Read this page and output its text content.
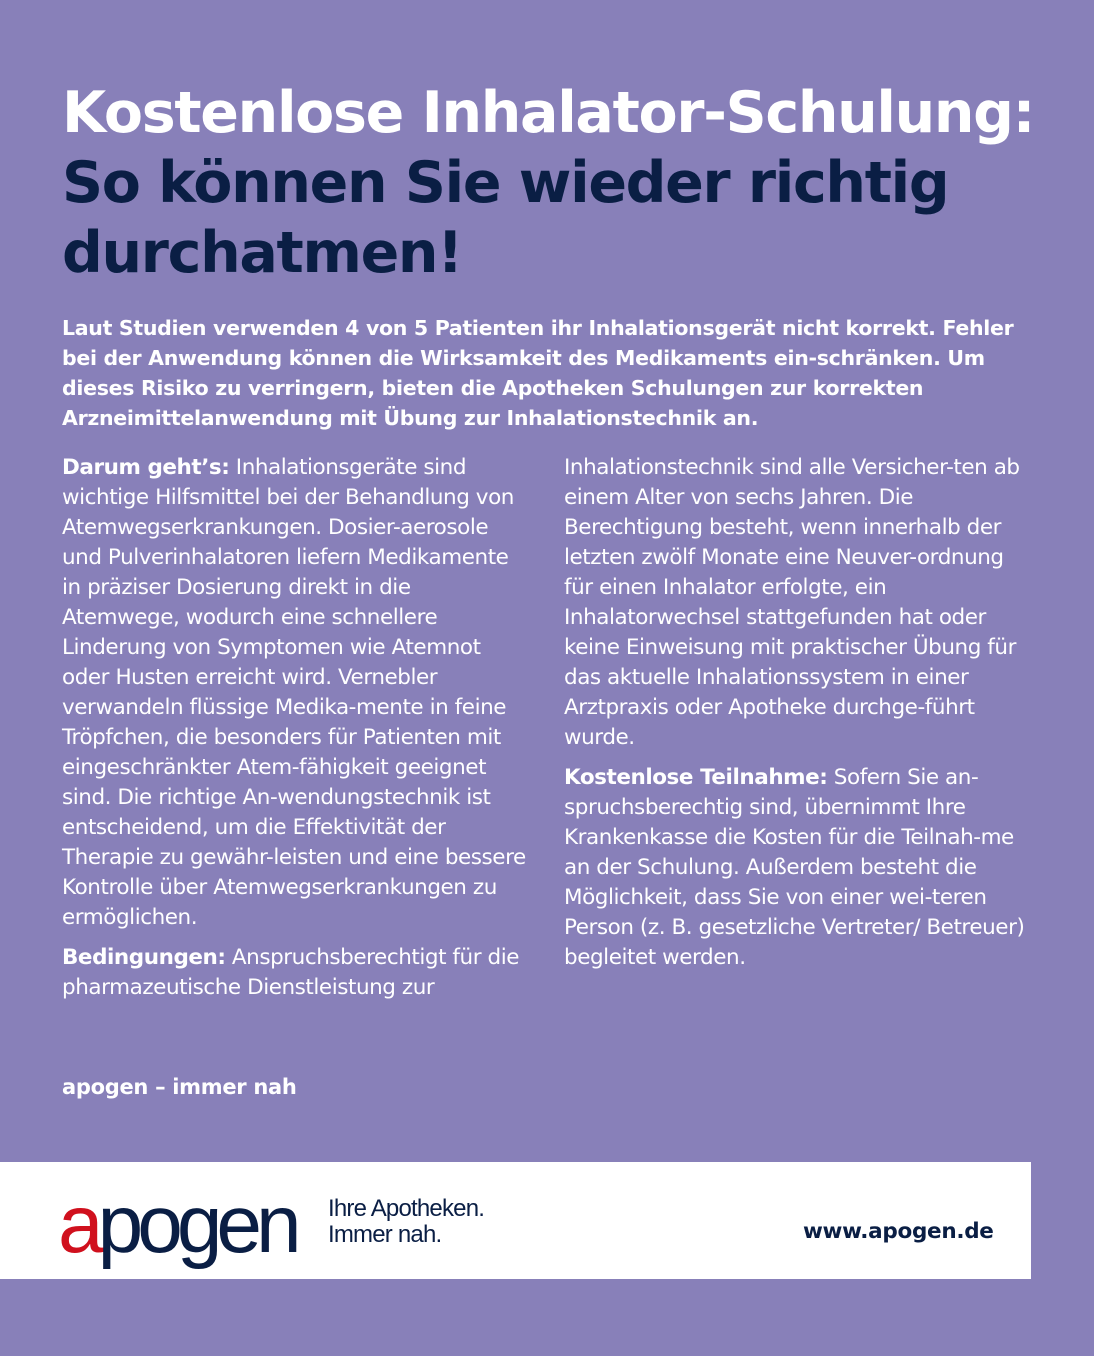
Kostenlose Inhalator-Schulung:
So können Sie wieder richtig durchatmen!

Laut Studien verwenden 4 von 5 Patienten ihr Inhalationsgerät nicht korrekt. Fehler bei der Anwendung können die Wirksamkeit des Medikaments ein-schränken. Um dieses Risiko zu verringern, bieten die Apotheken Schulungen zur korrekten Arzneimittelanwendung mit Übung zur Inhalationstechnik an.

Darum geht’s: Inhalationsgeräte sind wichtige Hilfsmittel bei der Behandlung von Atemwegserkrankungen. Dosier-aerosole und Pulverinhalatoren liefern Medikamente in präziser Dosierung direkt in die Atemwege, wodurch eine schnellere Linderung von Symptomen wie Atemnot oder Husten erreicht wird. Vernebler verwandeln flüssige Medika-mente in feine Tröpfchen, die besonders für Patienten mit eingeschränkter Atem-fähigkeit geeignet sind. Die richtige An-wendungstechnik ist entscheidend, um die Effektivität der Therapie zu gewähr-leisten und eine bessere Kontrolle über Atemwegserkrankungen zu ermöglichen.

Bedingungen: Anspruchsberechtigt für die pharmazeutische Dienstleistung zur

Inhalationstechnik sind alle Versicher-ten ab einem Alter von sechs Jahren. Die Berechtigung besteht, wenn innerhalb der letzten zwölf Monate eine Neuver-ordnung für einen Inhalator erfolgte, ein Inhalatorwechsel stattgefunden hat oder keine Einweisung mit praktischer Übung für das aktuelle Inhalationssystem in einer Arztpraxis oder Apotheke durchge-führt wurde.

Kostenlose Teilnahme: Sofern Sie an-spruchsberechtig sind, übernimmt Ihre Krankenkasse die Kosten für die Teilnah-me an der Schulung. Außerdem besteht die Möglichkeit, dass Sie von einer wei-teren Person (z. B. gesetzliche Vertreter/ Betreuer) begleitet werden.

apogen – immer nah
apogen Ihre Apotheken.
Immer nah.	www.apogen.de
